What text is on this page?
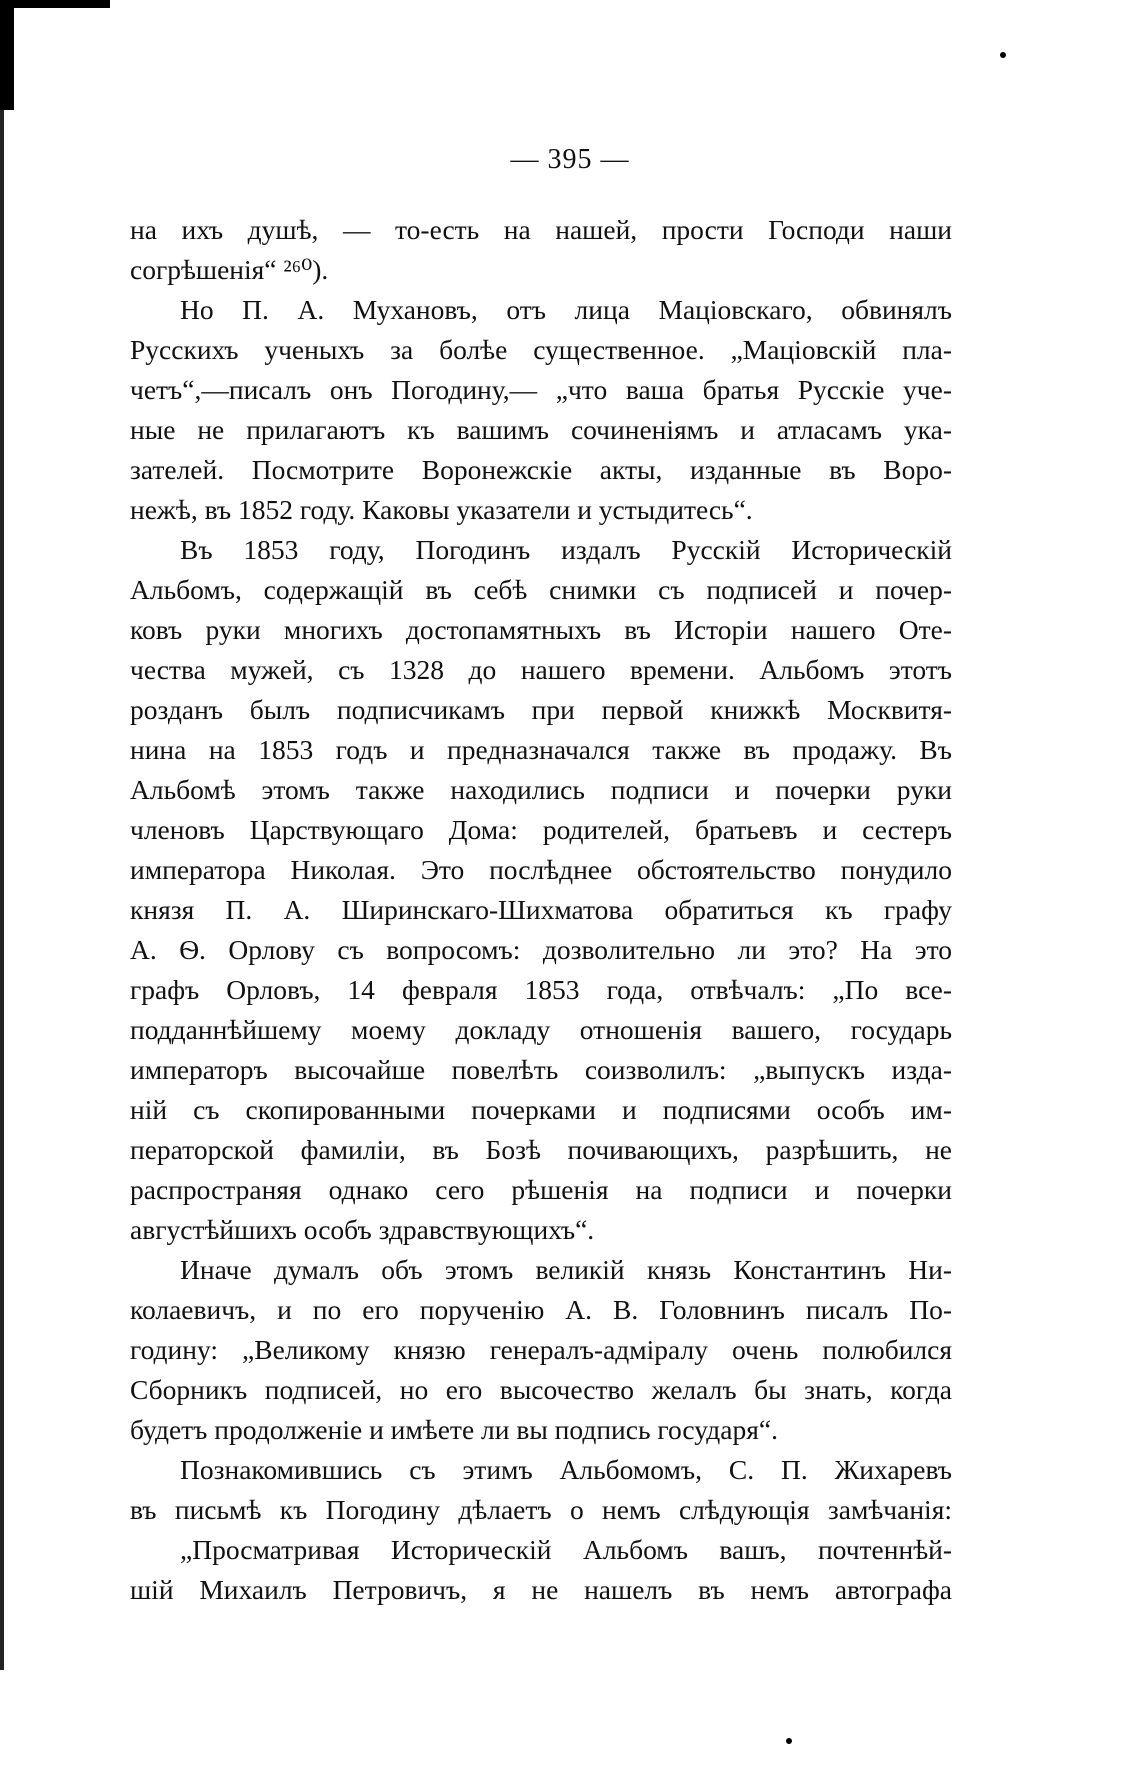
— 395 —
на ихъ душѣ, — то-есть на нашей, прости Господи наши
согрѣшенія“ ²⁶⁰).
Но П. А. Мухановъ, отъ лица Маціовскаго, обвинялъ
Русскихъ ученыхъ за болѣе существенное. „Маціовскій пла-
четъ“,—писалъ онъ Погодину,— „что ваша братья Русскіе уче-
ные не прилагаютъ къ вашимъ сочиненіямъ и атласамъ ука-
зателей. Посмотрите Воронежскіе акты, изданные въ Воро-
нежѣ, въ 1852 году. Каковы указатели и устыдитесь“.
Въ 1853 году, Погодинъ издалъ Русскій Историческій
Альбомъ, содержащій въ себѣ снимки съ подписей и почер-
ковъ руки многихъ достопамятныхъ въ Исторіи нашего Оте-
чества мужей, съ 1328 до нашего времени. Альбомъ этотъ
розданъ былъ подписчикамъ при первой книжкѣ Москвитя-
нина на 1853 годъ и предназначался также въ продажу. Въ
Альбомѣ этомъ также находились подписи и почерки руки
членовъ Царствующаго Дома: родителей, братьевъ и сестеръ
императора Николая. Это послѣднее обстоятельство понудило
князя П. А. Ширинскаго-Шихматова обратиться къ графу
А. Ѳ. Орлову съ вопросомъ: дозволительно ли это? На это
графъ Орловъ, 14 февраля 1853 года, отвѣчалъ: „По все-
подданнѣйшему моему докладу отношенія вашего, государь
императоръ высочайше повелѣть соизволилъ: „выпускъ изда-
ній съ скопированными почерками и подписями особъ им-
ператорской фамиліи, въ Бозѣ почивающихъ, разрѣшить, не
распространяя однако сего рѣшенія на подписи и почерки
августѣйшихъ особъ здравствующихъ“.
Иначе думалъ объ этомъ великій князь Константинъ Ни-
колаевичъ, и по его порученію А. В. Головнинъ писалъ По-
годину: „Великому князю генералъ-адміралу очень полюбился
Сборникъ подписей, но его высочество желалъ бы знать, когда
будетъ продолженіе и имѣете ли вы подпись государя“.
Познакомившись съ этимъ Альбомомъ, С. П. Жихаревъ
въ письмѣ къ Погодину дѣлаетъ о немъ слѣдующія замѣчанія:
„Просматривая Историческій Альбомъ вашъ, почтеннѣй-
шій Михаилъ Петровичъ, я не нашелъ въ немъ автографа
